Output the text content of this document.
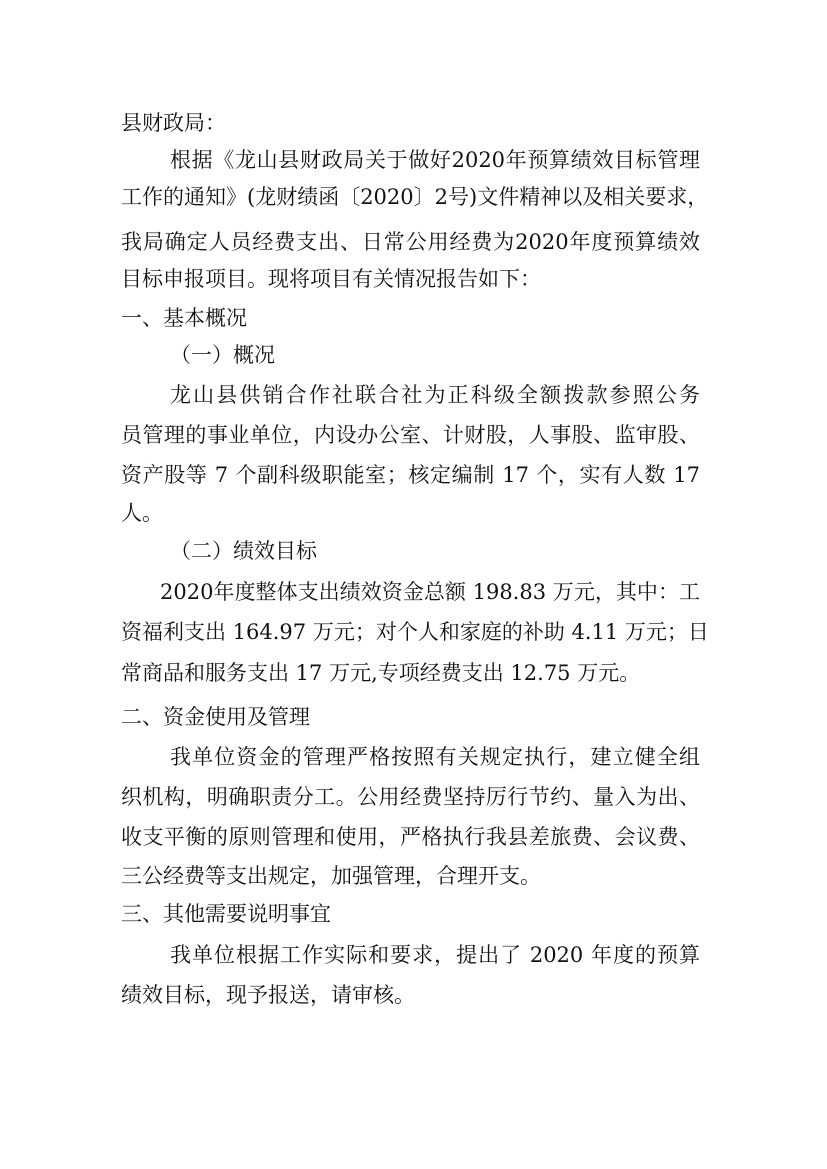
县财政局：
根据《龙山县财政局关于做好2020年预算绩效目标管理
工作的通知》(龙财绩函〔2020〕2号)文件精神以及相关要求，
我局确定人员经费支出、日常公用经费为2020年度预算绩效
目标申报项目。现将项目有关情况报告如下：
一、基本概况
（一）概况
龙山县供销合作社联合社为正科级全额拨款参照公务
员管理的事业单位，内设办公室、计财股，人事股、监审股、
资产股等 7 个副科级职能室；核定编制 17 个，实有人数 17
人。
（二）绩效目标
2020年度整体支出绩效资金总额 198.83 万元，其中：工
资福利支出 164.97 万元；对个人和家庭的补助 4.11 万元；日
常商品和服务支出 17 万元,专项经费支出 12.75 万元。
二、资金使用及管理
我单位资金的管理严格按照有关规定执行，建立健全组
织机构，明确职责分工。公用经费坚持厉行节约、量入为出、
收支平衡的原则管理和使用，严格执行我县差旅费、会议费、
三公经费等支出规定，加强管理，合理开支。
三、其他需要说明事宜
我单位根据工作实际和要求，提出了 2020 年度的预算
绩效目标，现予报送，请审核。
